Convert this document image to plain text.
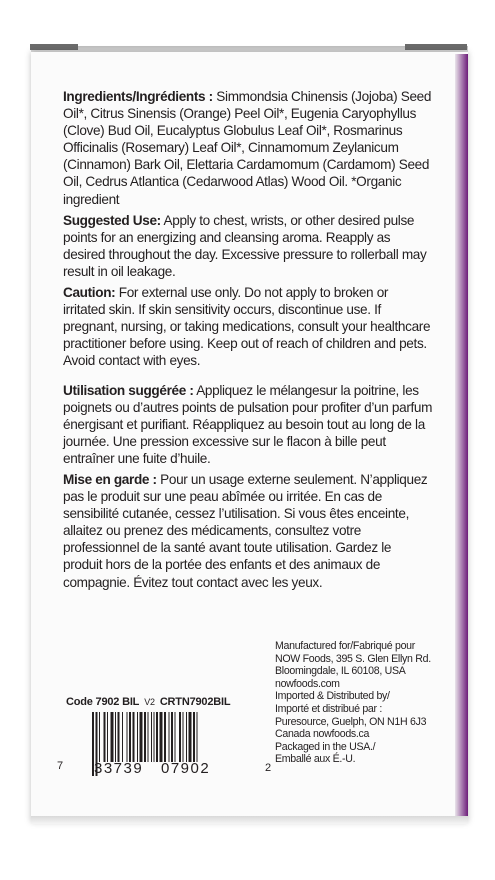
Ingredients/Ingrédients : Simmondsia Chinensis (Jojoba) Seed Oil*, Citrus Sinensis (Orange) Peel Oil*, Eugenia Caryophyllus (Clove) Bud Oil, Eucalyptus Globulus Leaf Oil*, Rosmarinus Officinalis (Rosemary) Leaf Oil*, Cinnamomum Zeylanicum (Cinnamon) Bark Oil, Elettaria Cardamomum (Cardamom) Seed Oil, Cedrus Atlantica (Cedarwood Atlas) Wood Oil. *Organic ingredient

Suggested Use: Apply to chest, wrists, or other desired pulse points for an energizing and cleansing aroma. Reapply as desired throughout the day. Excessive pressure to rollerball may result in oil leakage.

Caution: For external use only. Do not apply to broken or irritated skin. If skin sensitivity occurs, discontinue use. If pregnant, nursing, or taking medications, consult your healthcare practitioner before using. Keep out of reach of children and pets. Avoid contact with eyes.

Utilisation suggérée : Appliquez le mélangesur la poitrine, les poignets ou d’autres points de pulsation pour profiter d’un parfum énergisant et purifiant. Réappliquez au besoin tout au long de la journée. Une pression excessive sur le flacon à bille peut entraîner une fuite d’huile.

Mise en garde : Pour un usage externe seulement. N’appliquez pas le produit sur une peau abîmée ou irritée. En cas de sensibilité cutanée, cessez l’utilisation. Si vous êtes enceinte, allaitez ou prenez des médicaments, consultez votre professionnel de la santé avant toute utilisation. Gardez le produit hors de la portée des enfants et des animaux de compagnie. Évitez tout contact avec les yeux.

Manufactured for/Fabriqué pour
NOW Foods, 395 S. Glen Ellyn Rd.
Bloomingdale, IL 60108, USA
nowfoods.com
Imported & Distributed by/
Importé et distribué par :
Puresource, Guelph, ON N1H 6J3
Canada nowfoods.ca
Packaged in the USA./
Emballé aux É.-U.
Code 7902 BIL V2 CRTN7902BIL
7 33739 07902	2
